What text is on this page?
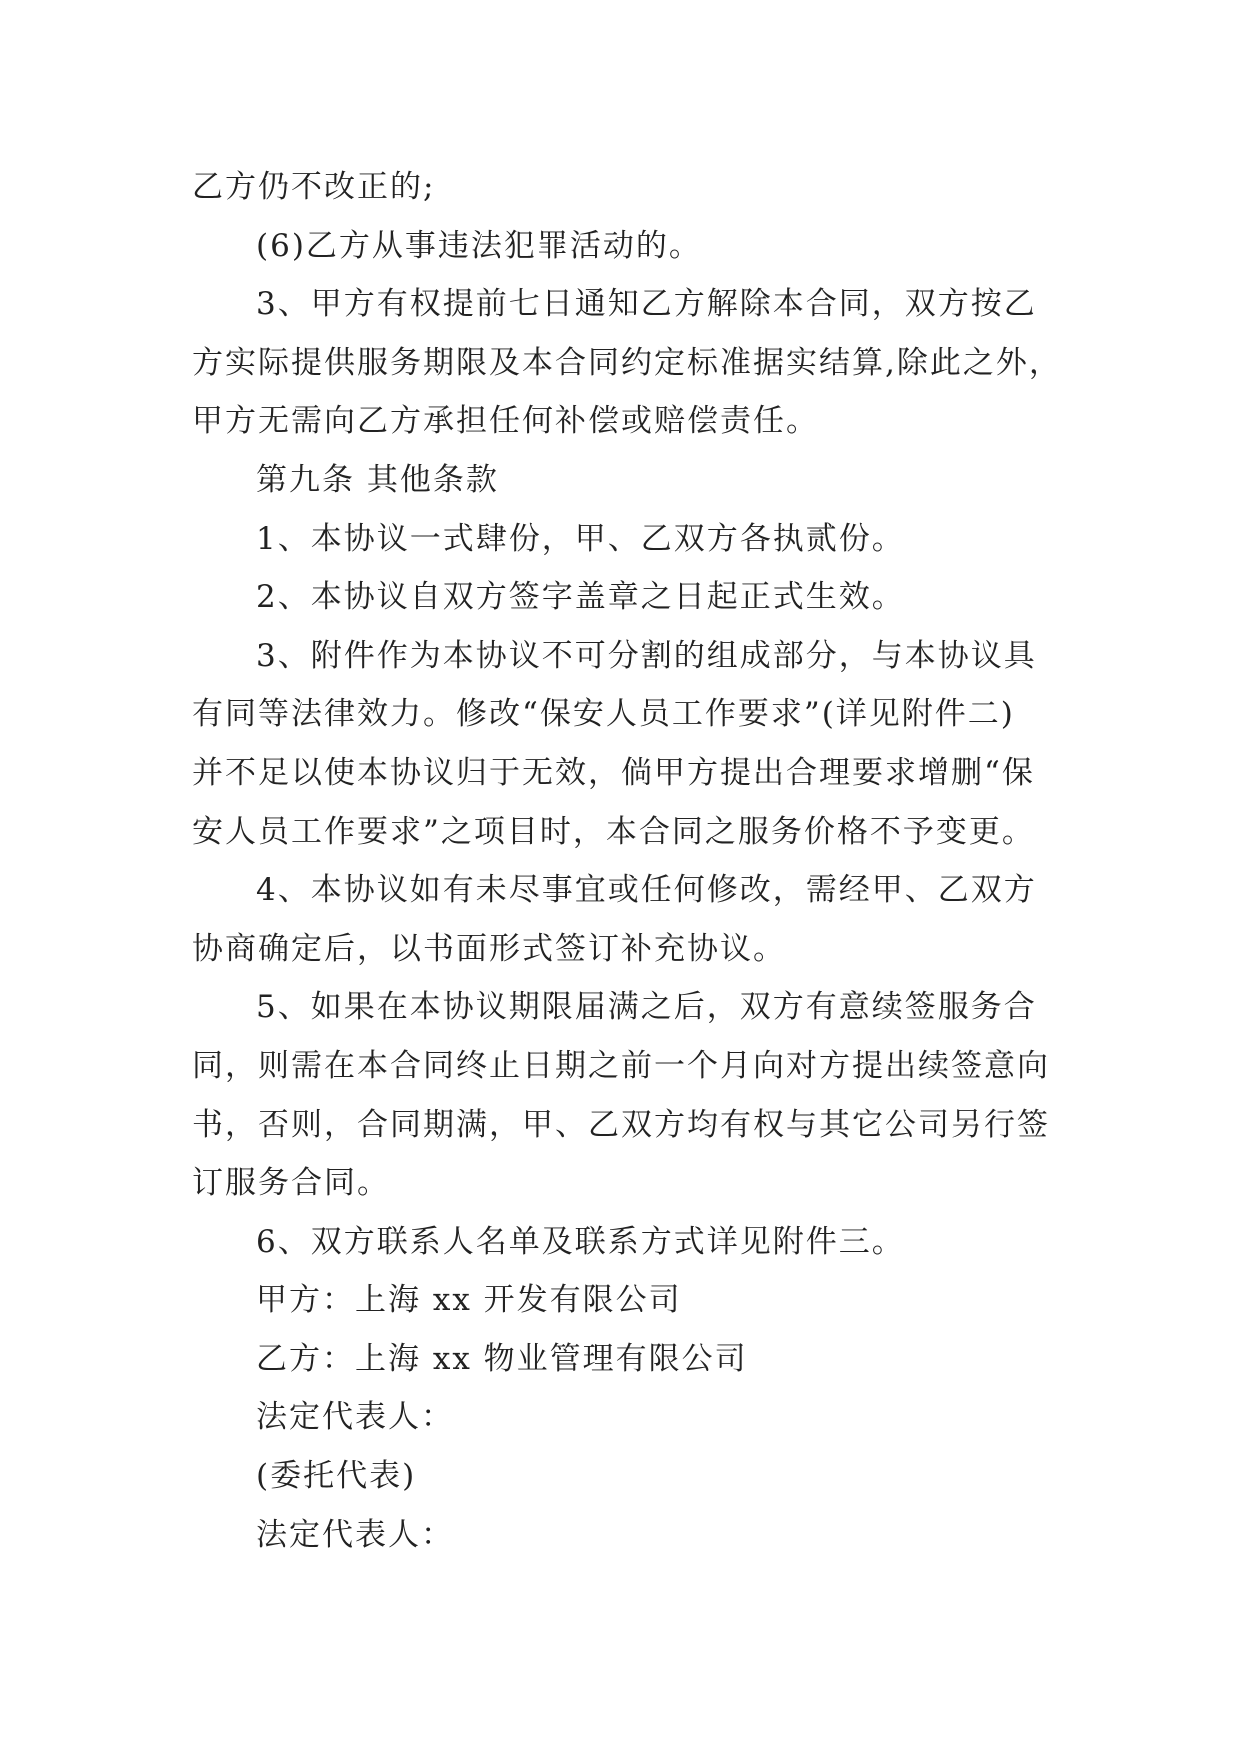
乙方仍不改正的;

(6)乙方从事违法犯罪活动的。

3、甲方有权提前七日通知乙方解除本合同，双方按乙
方实际提供服务期限及本合同约定标准据实结算,除此之外，
甲方无需向乙方承担任何补偿或赔偿责任。

第九条 其他条款

1、本协议一式肆份，甲、乙双方各执贰份。

2、本协议自双方签字盖章之日起正式生效。

3、附件作为本协议不可分割的组成部分，与本协议具
有同等法律效力。修改“保安人员工作要求”(详见附件二)
并不足以使本协议归于无效，倘甲方提出合理要求增删“保
安人员工作要求”之项目时，本合同之服务价格不予变更。

4、本协议如有未尽事宜或任何修改，需经甲、乙双方
协商确定后，以书面形式签订补充协议。

5、如果在本协议期限届满之后，双方有意续签服务合
同，则需在本合同终止日期之前一个月向对方提出续签意向
书，否则，合同期满，甲、乙双方均有权与其它公司另行签
订服务合同。

6、双方联系人名单及联系方式详见附件三。

甲方：上海 xx 开发有限公司

乙方：上海 xx 物业管理有限公司

法定代表人：

(委托代表)

法定代表人：
